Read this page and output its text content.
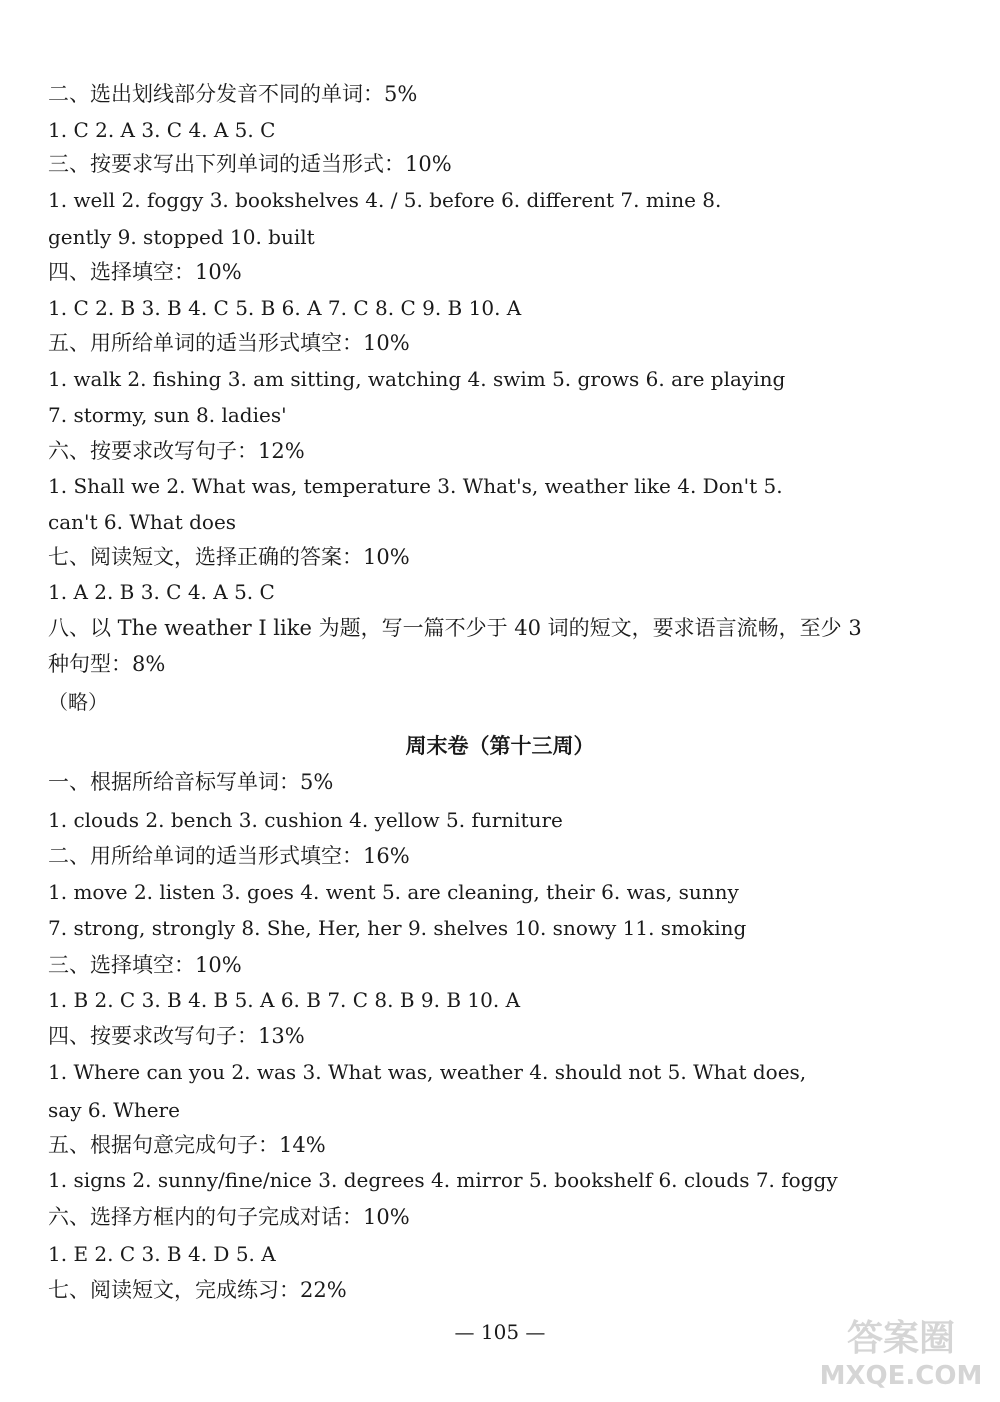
二、选出划线部分发音不同的单词：5%
1. C 2. A 3. C 4. A 5. C
三、按要求写出下列单词的适当形式：10%
1. well 2. foggy 3. bookshelves 4. / 5. before 6. different 7. mine 8.
gently 9. stopped 10. built
四、选择填空：10%
1. C 2. B 3. B 4. C 5. B 6. A 7. C 8. C 9. B 10. A
五、用所给单词的适当形式填空：10%
1. walk 2. fishing 3. am sitting, watching 4. swim 5. grows 6. are playing
7. stormy, sun 8. ladies'
六、按要求改写句子：12%
1. Shall we 2. What was, temperature 3. What's, weather like 4. Don't 5.
can't 6. What does
七、阅读短文，选择正确的答案：10%
1. A 2. B 3. C 4. A 5. C
八、以 The weather I like 为题，写一篇不少于 40 词的短文，要求语言流畅，至少 3
种句型：8%
（略）
周末卷（第十三周）
一、根据所给音标写单词：5%
1. clouds 2. bench 3. cushion 4. yellow 5. furniture
二、用所给单词的适当形式填空：16%
1. move 2. listen 3. goes 4. went 5. are cleaning, their 6. was, sunny
7. strong, strongly 8. She, Her, her 9. shelves 10. snowy 11. smoking
三、选择填空：10%
1. B 2. C 3. B 4. B 5. A 6. B 7. C 8. B 9. B 10. A
四、按要求改写句子：13%
1. Where can you 2. was 3. What was, weather 4. should not 5. What does,
say 6. Where
五、根据句意完成句子：14%
1. signs 2. sunny/fine/nice 3. degrees 4. mirror 5. bookshelf 6. clouds 7. foggy
六、选择方框内的句子完成对话：10%
1. E 2. C 3. B 4. D 5. A
七、阅读短文，完成练习：22%
— 105 —	答案圈
MXQE.COM
